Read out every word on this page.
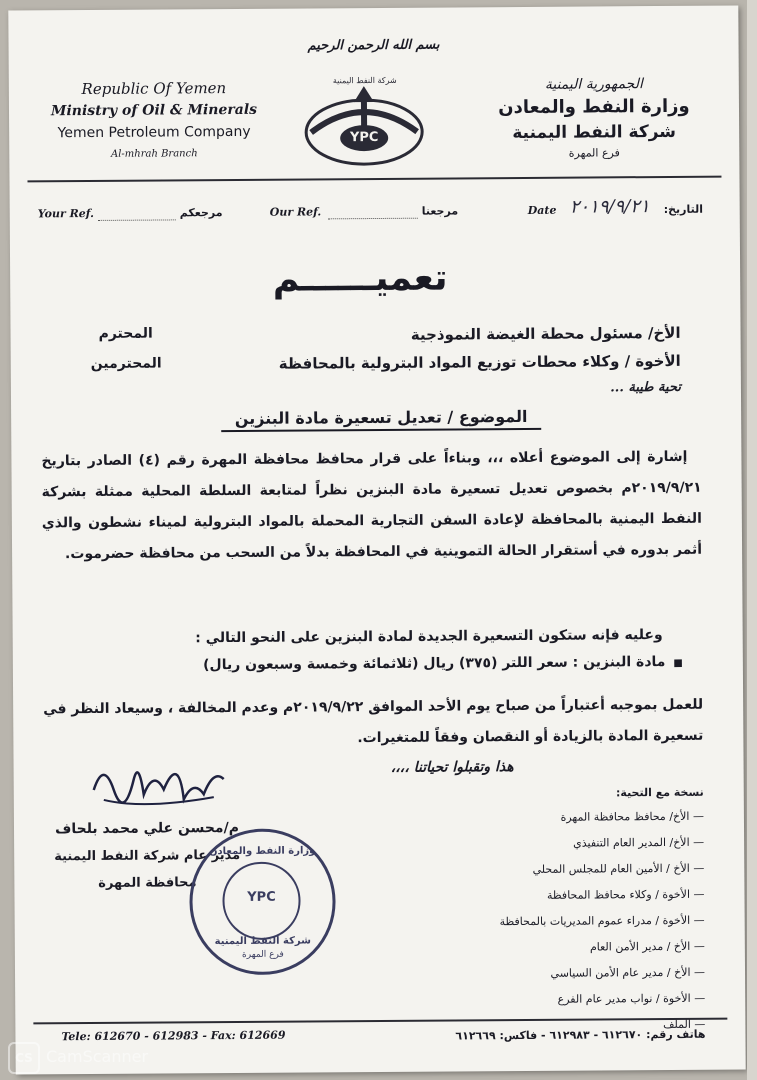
بسم الله الرحمن الرحيم
Republic Of Yemen
Ministry of Oil & Minerals
Yemen Petroleum Company
Al-mhrah Branch
YPC
شركة النفط اليمنية	الجمهورية اليمنية
وزارة النفط والمعادن
شركة النفط اليمنية
فرع المهرة
Your Ref.	مرجعكم	Our Ref.	مرجعنا	Date ٢٠١٩/٩/٢١	التاريخ:
تعميــــــم
الأخ/ مسئول محطة الغيضة النموذجية
المحترم
الأخوة / وكلاء محطات توزيع المواد البترولية بالمحافظة
المحترمين
تحية طيبة ...
الموضوع / تعديل تسعيرة مادة البنزين
إشارة إلى الموضوع أعلاه ،،، وبناءاً على قرار محافظ محافظة المهرة رقم (٤) الصادر بتاريخ ٢٠١٩/٩/٢١م بخصوص تعديل تسعيرة مادة البنزين نظراً لمتابعة السلطة المحلية ممثلة بشركة النفط اليمنية بالمحافظة لإعادة السفن التجارية المحملة بالمواد البترولية لميناء نشطون والذي أثمر بدوره في أستقرار الحالة التموينية في المحافظة بدلاً من السحب من محافظة حضرموت.
وعليه فإنه ستكون التسعيرة الجديدة لمادة البنزين على النحو التالي :
■مادة البنزين : سعر اللتر (٣٧٥) ريال (ثلاثمائة وخمسة وسبعون ريال)
للعمل بموجبه أعتباراً من صباح يوم الأحد الموافق ٢٠١٩/٩/٢٢م وعدم المخالفة ، وسيعاد النظر في تسعيرة المادة بالزيادة أو النقصان وفقاً للمتغيرات.
هذا وتقبلوا تحياتنا ،،،،
م/محسن علي محمد بلحاف
مدير عام شركة النفط اليمنية
محافظة المهرة
وزارة النفط والمعادن
YPC
شركة النفط اليمنية
فرع المهرة
نسخة مع التحية:
— الأخ/ محافظ محافظة المهرة
— الأخ/ المدير العام التنفيذي
— الأخ / الأمين العام للمجلس المحلي
— الأخوة / وكلاء محافظ المحافظة
— الأخوة / مدراء عموم المديريات بالمحافظة
— الأخ / مدير الأمن العام
— الأخ / مدير عام الأمن السياسي
— الأخوة / نواب مدير عام الفرع
— الملف
Tele: 612670 - 612983 - Fax: 612669	هاتف رقم: ٦١٢٦٧٠ - ٦١٢٩٨٣ - فاكس: ٦١٢٦٦٩
CS CamScanner
